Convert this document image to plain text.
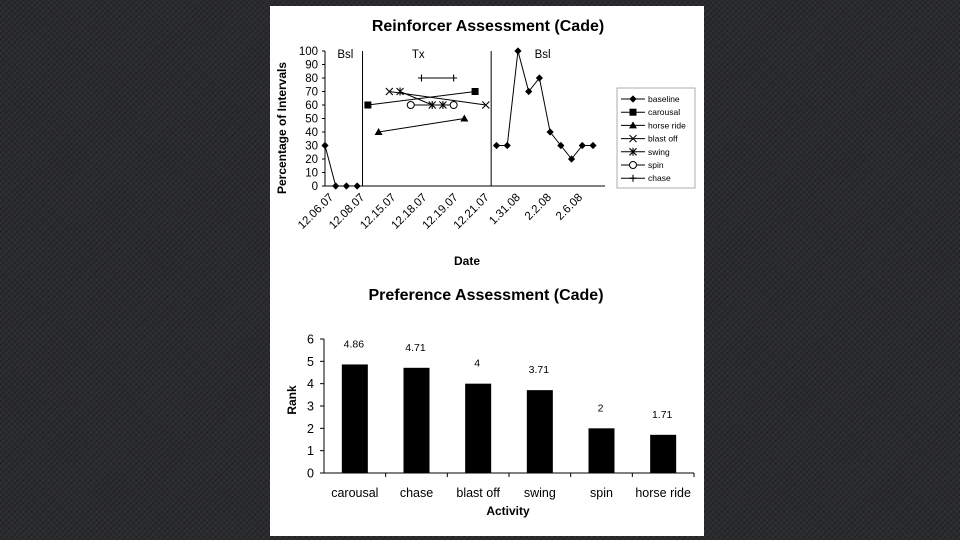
Reinforcer Assessment (Cade)
Percentage of Intervals
Date
0
10
20
30
40
50
60
70
80
90
100
12.06.07
12.08.07
12.15.07
12.18.07
12.19.07
12.21.07
1.31.08 2.2.08 2.6.08
Bsl	Tx	Bsl
baseline
carousal
horse ride
blast off
swing
spin
chase
Preference Assessment (Cade)
Rank
Activity
0
1
2
3
4
5
6	4.86	4.71
4
3.71
2
1.71
carousal chase blast off swing	spin horse ride
